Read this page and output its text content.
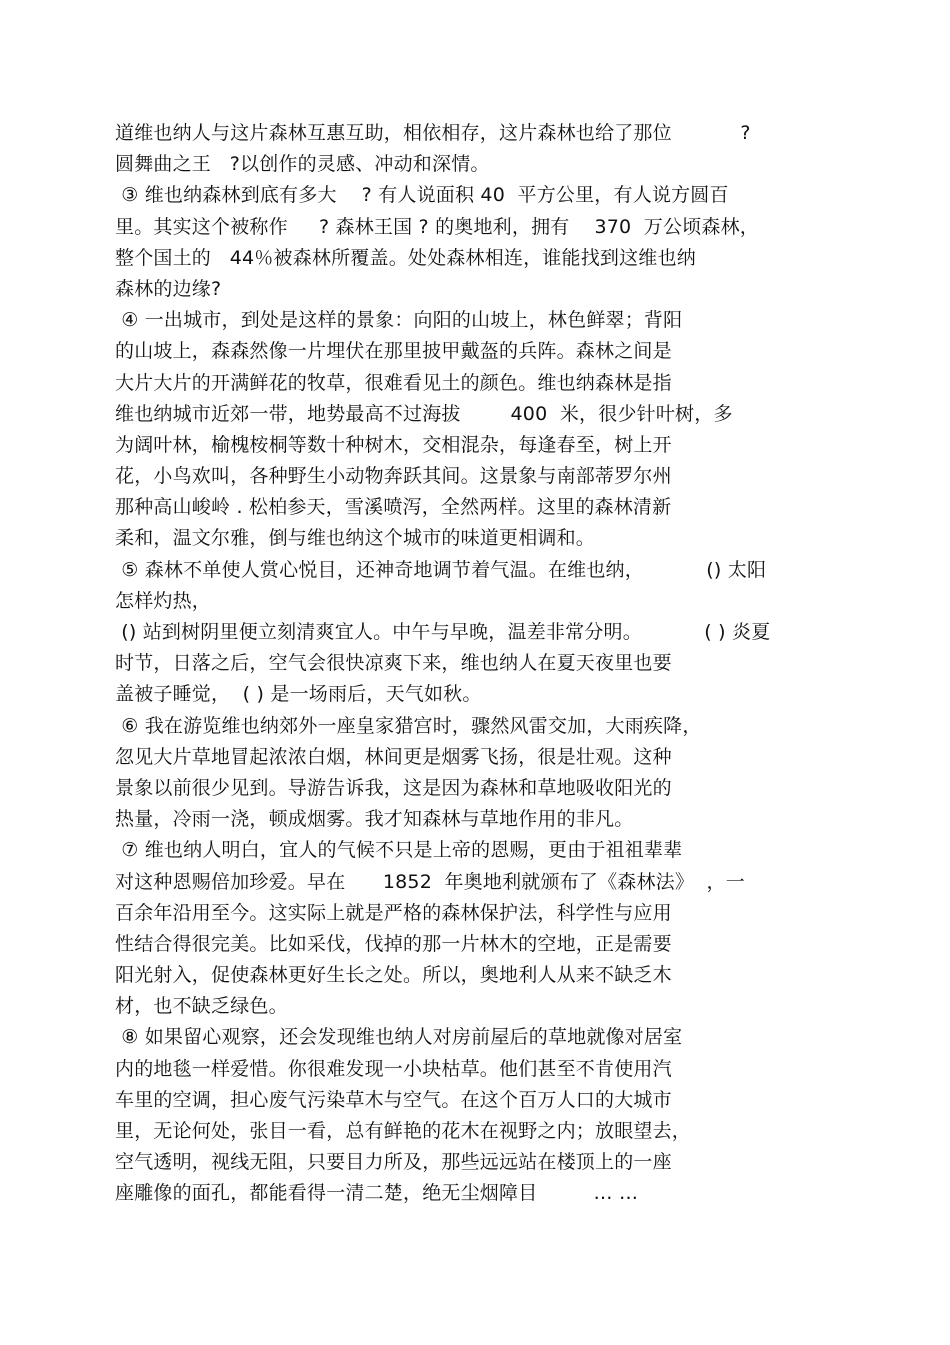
道维也纳人与这片森林互惠互助，相依相存，这片森林也给了那位           ?
圆舞曲之王   ?以创作的灵感、冲动和深情。
③ 维也纳森林到底有多大    ? 有人说面积 40  平方公里，有人说方圆百
里。其实这个被称作     ? 森林王国 ? 的奥地利，拥有    370  万公顷森林，
整个国土的   44％被森林所覆盖。处处森林相连，谁能找到这维也纳
森林的边缘?
④ 一出城市，到处是这样的景象：向阳的山坡上，林色鲜翠；背阳
的山坡上，森森然像一片埋伏在那里披甲戴盔的兵阵。森林之间是
大片大片的开满鲜花的牧草，很难看见土的颜色。维也纳森林是指
维也纳城市近郊一带，地势最高不过海拔        400  米，很少针叶树，多
为阔叶林，榆槐桉桐等数十种树木，交相混杂，每逢春至，树上开
花，小鸟欢叫，各种野生小动物奔跃其间。这景象与南部蒂罗尔州
那种高山峻岭 . 松柏参天，雪溪喷泻，全然两样。这里的森林清新
柔和，温文尔雅，倒与维也纳这个城市的味道更相调和。
⑤ 森林不单使人赏心悦目，还神奇地调节着气温。在维也纳，          () 太阳
怎样灼热，
() 站到树阴里便立刻清爽宜人。中午与早晚，温差非常分明。          ( ) 炎夏
时节，日落之后，空气会很快凉爽下来，维也纳人在夏天夜里也要
盖被子睡觉，  ( ) 是一场雨后，天气如秋。
⑥ 我在游览维也纳郊外一座皇家猎宫时，骤然风雷交加，大雨疾降，
忽见大片草地冒起浓浓白烟，林间更是烟雾飞扬，很是壮观。这种
景象以前很少见到。导游告诉我，这是因为森林和草地吸收阳光的
热量，冷雨一浇，顿成烟雾。我才知森林与草地作用的非凡。
⑦ 维也纳人明白，宜人的气候不只是上帝的恩赐，更由于祖祖辈辈
对这种恩赐倍加珍爱。早在      1852  年奥地利就颁布了《森林法》  ，一
百余年沿用至今。这实际上就是严格的森林保护法，科学性与应用
性结合得很完美。比如采伐，伐掉的那一片林木的空地，正是需要
阳光射入，促使森林更好生长之处。所以，奥地利人从来不缺乏木
材，也不缺乏绿色。
⑧ 如果留心观察，还会发现维也纳人对房前屋后的草地就像对居室
内的地毯一样爱惜。你很难发现一小块枯草。他们甚至不肯使用汽
车里的空调，担心废气污染草木与空气。在这个百万人口的大城市
里，无论何处，张目一看，总有鲜艳的花木在视野之内；放眼望去，
空气透明，视线无阻，只要目力所及，那些远远站在楼顶上的一座
座雕像的面孔，都能看得一清二楚，绝无尘烟障目         … …
